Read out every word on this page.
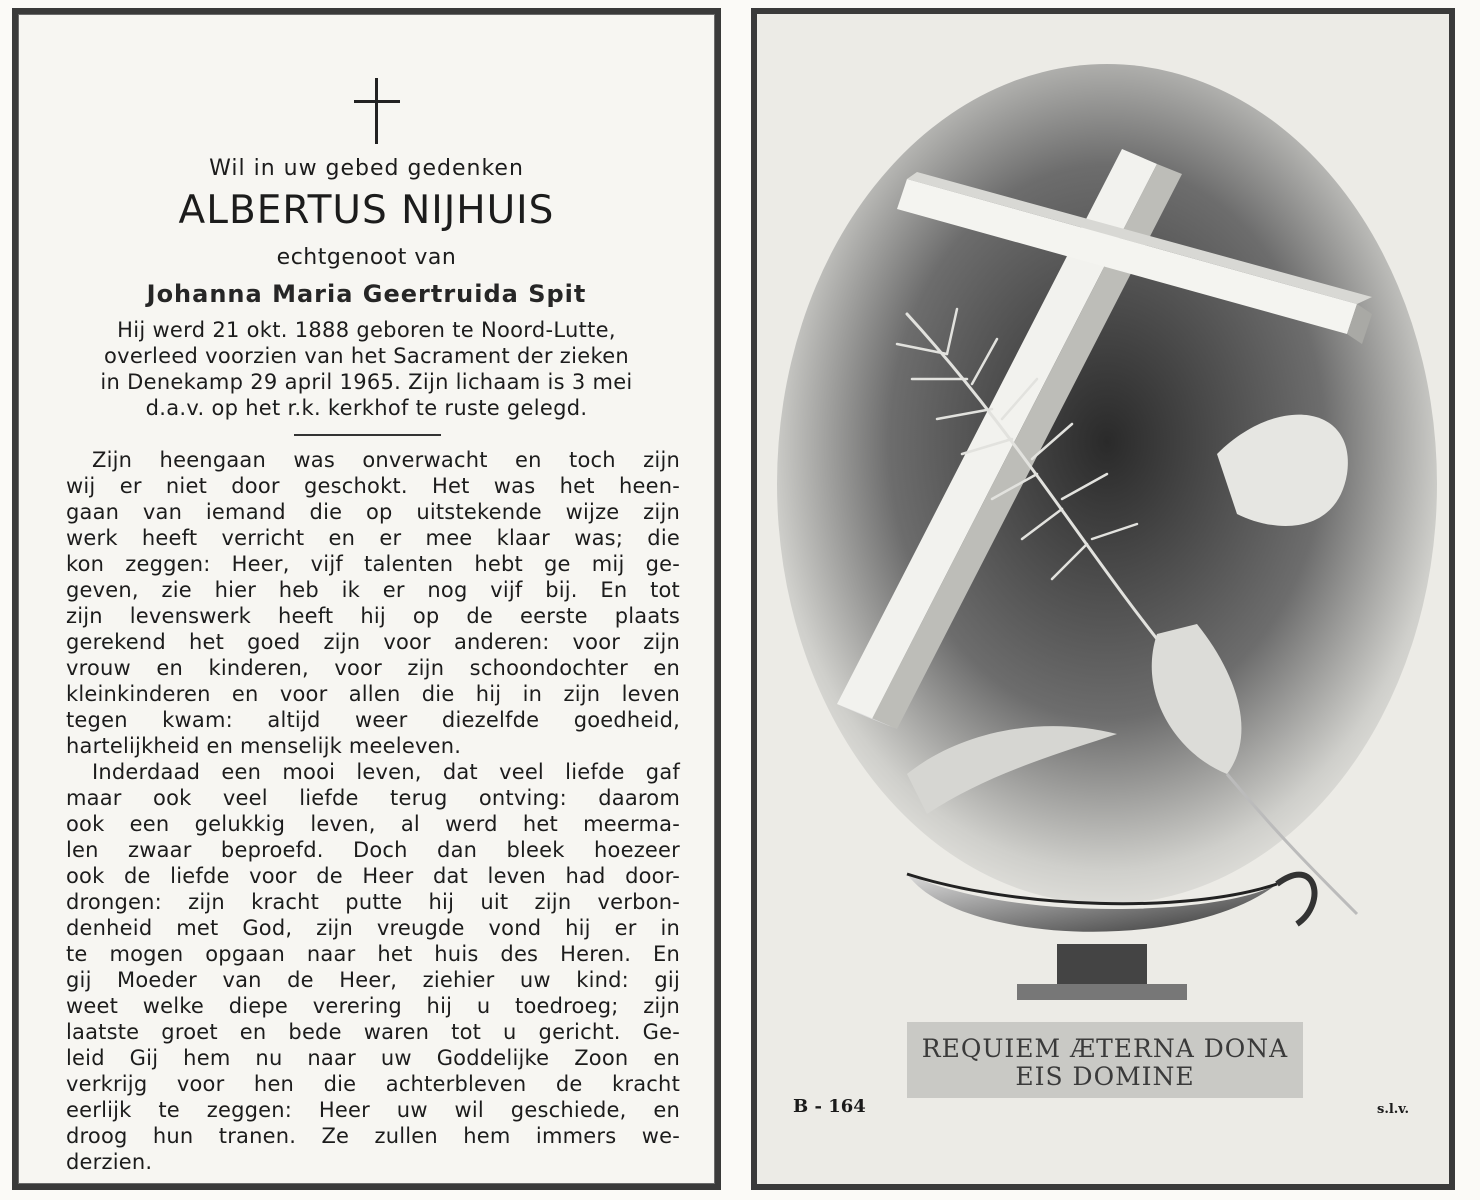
Wil in uw gebed gedenken
ALBERTUS NIJHUIS
echtgenoot van
Johanna Maria Geertruida Spit
Hij werd 21 okt. 1888 geboren te Noord-Lutte,
overleed voorzien van het Sacrament der zieken
in Denekamp 29 april 1965. Zijn lichaam is 3 mei
d.a.v. op het r.k. kerkhof te ruste gelegd.
Zijn heengaan was onverwacht en toch zijn
wij er niet door geschokt. Het was het heen-
gaan van iemand die op uitstekende wijze zijn
werk heeft verricht en er mee klaar was; die
kon zeggen: Heer, vijf talenten hebt ge mij ge-
geven, zie hier heb ik er nog vijf bij. En tot
zijn levenswerk heeft hij op de eerste plaats
gerekend het goed zijn voor anderen: voor zijn
vrouw en kinderen, voor zijn schoondochter en
kleinkinderen en voor allen die hij in zijn leven
tegen kwam: altijd weer diezelfde goedheid,
hartelijkheid en menselijk meeleven.
Inderdaad een mooi leven, dat veel liefde gaf
maar ook veel liefde terug ontving: daarom
ook een gelukkig leven, al werd het meerma-
len zwaar beproefd. Doch dan bleek hoezeer
ook de liefde voor de Heer dat leven had door-
drongen: zijn kracht putte hij uit zijn verbon-
denheid met God, zijn vreugde vond hij er in
te mogen opgaan naar het huis des Heren. En
gij Moeder van de Heer, ziehier uw kind: gij
weet welke diepe verering hij u toedroeg; zijn
laatste groet en bede waren tot u gericht. Ge-
leid Gij hem nu naar uw Goddelijke Zoon en
verkrijg voor hen die achterbleven de kracht
eerlijk te zeggen: Heer uw wil geschiede, en
droog hun tranen. Ze zullen hem immers we-
derzien.
REQUIEM ÆTERNA DONA
EIS DOMINE
B - 164	s.l.v.
